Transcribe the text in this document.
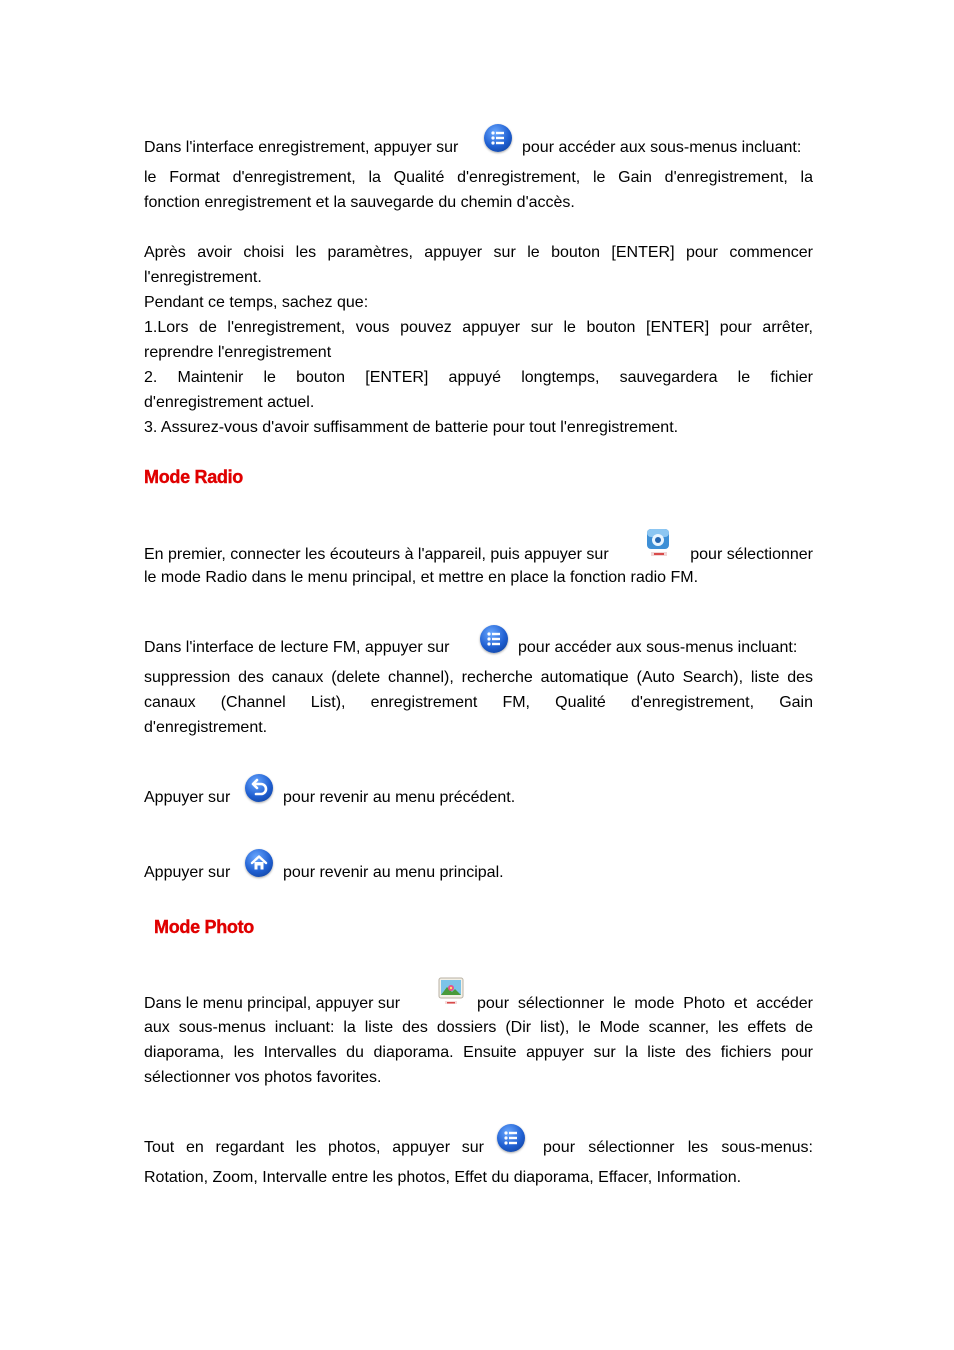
Dans l'interface enregistrement, appuyer sur	pour accéder aux sous-menus incluant:
le Format d'enregistrement, la Qualité d'enregistrement, le Gain d'enregistrement, la
fonction enregistrement et la sauvegarde du chemin d'accès.
Après avoir choisi les paramètres, appuyer sur le bouton [ENTER] pour commencer
l'enregistrement.
Pendant ce temps, sachez que:
1.Lors de l'enregistrement, vous pouvez appuyer sur le bouton [ENTER] pour arrêter,
reprendre l'enregistrement
2. Maintenir le bouton [ENTER] appuyé longtemps, sauvegardera le fichier
d'enregistrement actuel.
3. Assurez-vous d'avoir suffisamment de batterie pour tout l'enregistrement.
Mode Radio
En premier, connecter les écouteurs à l'appareil, puis appuyer sur	pour sélectionner
le mode Radio dans le menu principal, et mettre en place la fonction radio FM.
Dans l'interface de lecture FM, appuyer sur	pour accéder aux sous-menus incluant:
suppression des canaux (delete channel), recherche automatique (Auto Search), liste des
canaux (Channel List), enregistrement FM, Qualité d'enregistrement, Gain
d'enregistrement.
Appuyer sur	pour revenir au menu précédent.
Appuyer sur	pour revenir au menu principal.
Mode Photo
Dans le menu principal, appuyer sur	pour sélectionner le mode Photo et accéder
aux sous-menus incluant: la liste des dossiers (Dir list), le Mode scanner, les effets de
diaporama, les Intervalles du diaporama. Ensuite appuyer sur la liste des fichiers pour
sélectionner vos photos favorites.
Tout en regardant les photos, appuyer sur	pour sélectionner les sous-menus:
Rotation, Zoom, Intervalle entre les photos, Effet du diaporama, Effacer, Information.
